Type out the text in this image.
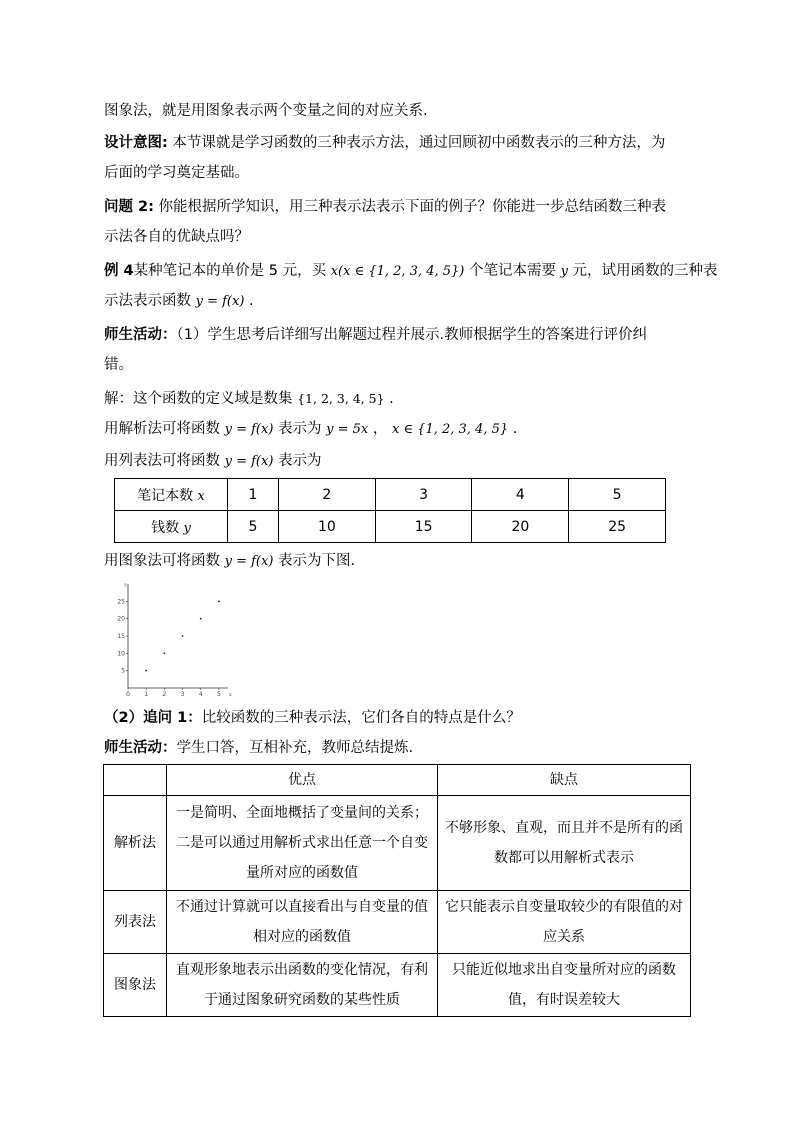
图象法，就是用图象表示两个变量之间的对应关系.
设计意图: 本节课就是学习函数的三种表示方法，通过回顾初中函数表示的三种方法，为
后面的学习奠定基础。
问题 2: 你能根据所学知识，用三种表示法表示下面的例子？你能进一步总结函数三种表
示法各自的优缺点吗？
例 4某种笔记本的单价是 5 元，买 x(x ∈ {1, 2, 3, 4, 5}) 个笔记本需要 y 元，试用函数的三种表
示法表示函数 y = f(x) .
师生活动：（1）学生思考后详细写出解题过程并展示.教师根据学生的答案进行评价纠
错。
解：这个函数的定义域是数集 {1, 2, 3, 4, 5} .
用解析法可将函数 y = f(x) 表示为 y = 5x ， x ∈ {1, 2, 3, 4, 5} .
用列表法可将函数 y = f(x) 表示为
笔记本数 x	1	2	3	4	5
钱数 y	5	10	15	20	25
用图象法可将函数 y = f(x) 表示为下图.
y
x
0 1 2 3 4 5
5
10
15
20
25
（2）追问 1：比较函数的三种表示法，它们各自的特点是什么？
师生活动：学生口答，互相补充，教师总结提炼.
	优点	缺点
解析法	一是简明、全面地概括了变量间的关系；二是可以通过用解析式求出任意一个自变量所对应的函数值	不够形象、直观，而且并不是所有的函数都可以用解析式表示

列表法	不通过计算就可以直接看出与自变量的值相对应的函数值	它只能表示自变量取较少的有限值的对应关系

图象法	直观形象地表示出函数的变化情况，有利于通过图象研究函数的某些性质	只能近似地求出自变量所对应的函数值，有时误差较大
